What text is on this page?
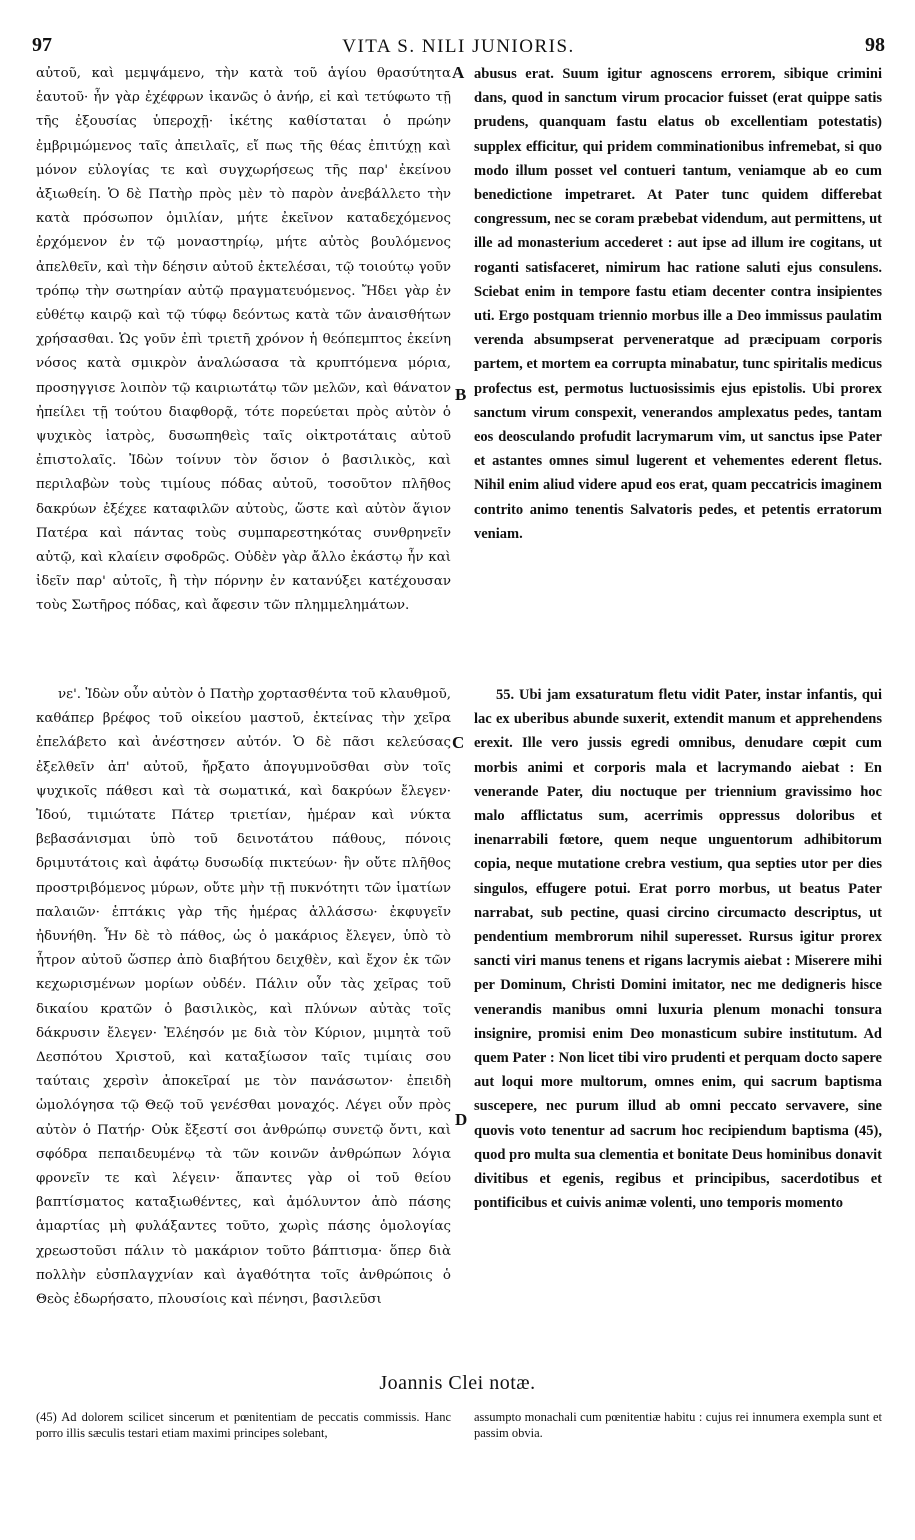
97	VITA S. NILI JUNIORIS.	98

αὐτοῦ, καὶ μεμψάμενο, τὴν κατὰ τοῦ ἁγίου θρασύτητα ἑαυτοῦ· ἦν γὰρ ἐχέφρων ἱκανῶς ὁ ἀνήρ, εἰ καὶ τετύφωτο τῇ τῆς ἐξουσίας ὑπεροχῇ· ἱκέτης καθίσταται ὁ πρώην ἐμβριμώμενος ταῖς ἀπειλαῖς, εἴ πως τῆς θέας ἐπιτύχῃ καὶ μόνον εὐλογίας τε καὶ συγχωρήσεως τῆς παρ' ἐκείνου ἀξιωθείη. Ὁ δὲ Πατὴρ πρὸς μὲν τὸ παρὸν ἀνεβάλλετο τὴν κατὰ πρόσωπον ὁμιλίαν, μήτε ἐκεῖνον καταδεχόμενος ἐρχόμενον ἐν τῷ μοναστηρίῳ, μήτε αὐτὸς βουλόμενος ἀπελθεῖν, καὶ τὴν δέησιν αὐτοῦ ἐκτελέσαι, τῷ τοιούτῳ γοῦν τρόπῳ τὴν σωτηρίαν αὐτῷ πραγματευόμενος. Ἤδει γὰρ ἐν εὐθέτῳ καιρῷ καὶ τῷ τύφῳ δεόντως κατὰ τῶν ἀναισθήτων χρήσασθαι. Ὡς γοῦν ἐπὶ τριετῆ χρόνον ἡ θεόπεμπτος ἐκείνη νόσος κατὰ σμικρὸν ἀναλώσασα τὰ κρυπτόμενα μόρια, προσηγγισε λοιπὸν τῷ καιριωτάτῳ τῶν μελῶν, καὶ θάνατον ἠπείλει τῇ τούτου διαφθορᾷ, τότε πορεύεται πρὸς αὐτὸν ὁ ψυχικὸς ἰατρὸς, δυσωπηθεὶς ταῖς οἰκτροτάταις αὐτοῦ ἐπιστολαῖς. Ἰδὼν τοίνυν τὸν ὅσιον ὁ βασιλικὸς, καὶ περιλαβὼν τοὺς τιμίους πόδας αὐτοῦ, τοσοῦτον πλῆθος δακρύων ἐξέχεε καταφιλῶν αὐτοὺς, ὥστε καὶ αὐτὸν ἅγιον Πατέρα καὶ πάντας τοὺς συμπαρεστηκότας συνθρηνεῖν αὐτῷ, καὶ κλαίειν σφοδρῶς. Οὐδὲν γὰρ ἄλλο ἐκάστῳ ἦν καὶ ἰδεῖν παρ' αὐτοῖς, ἢ τὴν πόρνην ἐν κατανύξει κατέχουσαν τοὺς Σωτῆρος πόδας, καὶ ἄφεσιν τῶν πλημμελημάτων.

abusus erat. Suum igitur agnoscens errorem, sibique crimini dans, quod in sanctum virum procacior fuisset (erat quippe satis prudens, quanquam fastu elatus ob excellentiam potestatis) supplex efficitur, qui pridem comminationibus infremebat, si quo modo illum posset vel contueri tantum, veniamque ab eo cum benedictione impetraret. At Pater tunc quidem differebat congressum, nec se coram præbebat videndum, aut permittens, ut ille ad monasterium accederet : aut ipse ad illum ire cogitans, ut roganti satisfaceret, nimirum hac ratione saluti ejus consulens. Sciebat enim in tempore fastu etiam decenter contra insipientes uti. Ergo postquam triennio morbus ille a Deo immissus paulatim verenda absumpserat perveneratque ad præcipuam corporis partem, et mortem ea corrupta minabatur, tunc spiritalis medicus profectus est, permotus luctuosissimis ejus epistolis. Ubi prorex sanctum virum conspexit, venerandos amplexatus pedes, tantam eos deosculando profudit lacrymarum vim, ut sanctus ipse Pater et astantes omnes simul lugerent et vehementes ederent fletus. Nihil enim aliud videre apud eos erat, quam peccatricis imaginem contrito animo tenentis Salvatoris pedes, et petentis erratorum veniam.

νε'. Ἰδὼν οὖν αὐτὸν ὁ Πατὴρ χορτασθέντα τοῦ κλαυθμοῦ, καθάπερ βρέφος τοῦ οἰκείου μαστοῦ, ἐκτείνας τὴν χεῖρα ἐπελάβετο καὶ ἀνέστησεν αὐτόν. Ὁ δὲ πᾶσι κελεύσας ἐξελθεῖν ἀπ' αὐτοῦ, ἤρξατο ἀπογυμνοῦσθαι σὺν τοῖς ψυχικοῖς πάθεσι καὶ τὰ σωματικά, καὶ δακρύων ἔλεγεν· Ἰδού, τιμιώτατε Πάτερ τριετίαν, ἡμέραν καὶ νύκτα βεβασάνισμαι ὑπὸ τοῦ δεινοτάτου πάθους, πόνοις δριμυτάτοις καὶ ἀφάτῳ δυσωδίᾳ πικτεύων· ἣν οὔτε πλῆθος προστριβόμενος μύρων, οὔτε μὴν τῇ πυκνότητι τῶν ἱματίων παλαιῶν· ἑπτάκις γὰρ τῆς ἡμέρας ἀλλάσσω· ἐκφυγεῖν ἠδυνήθη. Ἦν δὲ τὸ πάθος, ὡς ὁ μακάριος ἔλεγεν, ὑπὸ τὸ ἦτρον αὐτοῦ ὥσπερ ἀπὸ διαβήτου δειχθὲν, καὶ ἔχον ἐκ τῶν κεχωρισμένων μορίων οὐδέν. Πάλιν οὖν τὰς χεῖρας τοῦ δικαίου κρατῶν ὁ βασιλικὸς, καὶ πλύνων αὐτὰς τοῖς δάκρυσιν ἔλεγεν· Ἐλέησόν με διὰ τὸν Κύριον, μιμητὰ τοῦ Δεσπότου Χριστοῦ, καὶ καταξίωσον ταῖς τιμίαις σου ταύταις χερσὶν ἀποκεῖραί με τὸν πανάσωτον· ἐπειδὴ ὡμολόγησα τῷ Θεῷ τοῦ γενέσθαι μοναχός. Λέγει οὖν πρὸς αὐτὸν ὁ Πατήρ· Οὐκ ἔξεστί σοι ἀνθρώπῳ συνετῷ ὄντι, καὶ σφόδρα πεπαιδευμένῳ τὰ τῶν κοινῶν ἀνθρώπων λόγια φρονεῖν τε καὶ λέγειν· ἅπαντες γὰρ οἱ τοῦ θείου βαπτίσματος καταξιωθέντες, καὶ ἀμόλυντον ἀπὸ πάσης ἁμαρτίας μὴ φυλάξαντες τοῦτο, χωρὶς πάσης ὁμολογίας χρεωστοῦσι πάλιν τὸ μακάριον τοῦτο βάπτισμα· ὅπερ διὰ πολλὴν εὐσπλαγχνίαν καὶ ἀγαθότητα τοῖς ἀνθρώποις ὁ Θεὸς ἐδωρήσατο, πλουσίοις καὶ πένησι, βασιλεῦσι

55. Ubi jam exsaturatum fletu vidit Pater, instar infantis, qui lac ex uberibus abunde suxerit, extendit manum et apprehendens erexit. Ille vero jussis egredi omnibus, denudare cœpit cum morbis animi et corporis mala et lacrymando aiebat : En venerande Pater, diu noctuque per triennium gravissimo hoc malo afflictatus sum, acerrimis oppressus doloribus et inenarrabili fœtore, quem neque unguentorum adhibitorum copia, neque mutatione crebra vestium, qua septies utor per dies singulos, effugere potui. Erat porro morbus, ut beatus Pater narrabat, sub pectine, quasi circino circumacto descriptus, ut pendentium membrorum nihil superesset. Rursus igitur prorex sancti viri manus tenens et rigans lacrymis aiebat : Miserere mihi per Dominum, Christi Domini imitator, nec me dedigneris hisce venerandis manibus omni luxuria plenum monachi tonsura insignire, promisi enim Deo monasticum subire institutum. Ad quem Pater : Non licet tibi viro prudenti et perquam docto sapere aut loqui more multorum, omnes enim, qui sacrum baptisma suscepere, nec purum illud ab omni peccato servavere, sine quovis voto tenentur ad sacrum hoc recipiendum baptisma (45), quod pro multa sua clementia et bonitate Deus hominibus donavit divitibus et egenis, regibus et principibus, sacerdotibus et pontificibus et cuivis animæ volenti, uno temporis momento

A
B
C
D
Joannis Clei notæ.

(45) Ad dolorem scilicet sincerum et pœnitentiam de peccatis commissis. Hanc porro illis sæculis testari etiam maximi principes solebant,

assumpto monachali cum pœnitentiæ habitu : cujus rei innumera exempla sunt et passim obvia.
